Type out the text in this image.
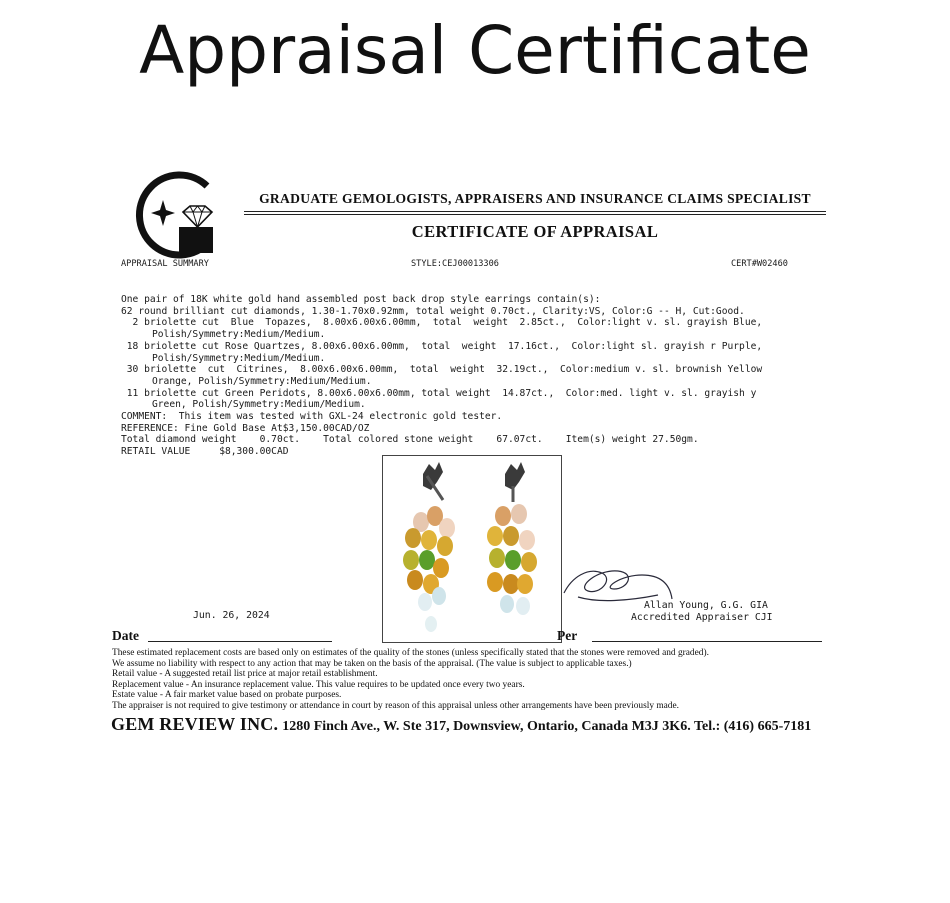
Appraisal Certificate
GRADUATE GEMOLOGISTS, APPRAISERS AND INSURANCE CLAIMS SPECIALIST
CERTIFICATE OF APPRAISAL
APPRAISAL SUMMARY	STYLE:CEJ00013306	CERT#W02460
One pair of 18K white gold hand assembled post back drop style earrings contain(s):
62 round brilliant cut diamonds, 1.30-1.70x0.92mm, total weight 0.70ct., Clarity:VS, Color:G -- H, Cut:Good.
2 briolette cut  Blue  Topazes,  8.00x6.00x6.00mm,  total  weight  2.85ct.,  Color:light v. sl. grayish Blue,
Polish/Symmetry:Medium/Medium.
18 briolette cut Rose Quartzes, 8.00x6.00x6.00mm,  total  weight  17.16ct.,  Color:light sl. grayish r Purple,
Polish/Symmetry:Medium/Medium.
30 briolette  cut  Citrines,  8.00x6.00x6.00mm,  total  weight  32.19ct.,  Color:medium v. sl. brownish Yellow
Orange, Polish/Symmetry:Medium/Medium.
11 briolette cut Green Peridots, 8.00x6.00x6.00mm, total weight  14.87ct.,  Color:med. light v. sl. grayish y
Green, Polish/Symmetry:Medium/Medium.
COMMENT:  This item was tested with GXL-24 electronic gold tester.
REFERENCE: Fine Gold Base At$3,150.00CAD/OZ
Total diamond weight    0.70ct.    Total colored stone weight    67.07ct.    Item(s) weight 27.50gm.
RETAIL VALUE	$8,300.00CAD
Jun. 26, 2024
Allan Young, G.G. GIA
Accredited Appraiser CJI
Date	Per
These estimated replacement costs are based only on estimates of the quality of the stones (unless specifically stated that the stones were removed and graded).
We assume no liability with respect to any action that may be taken on the basis of the appraisal. (The value is subject to applicable taxes.)
Retail value - A suggested retail list price at major retail establishment.
Replacement value - An insurance replacement value. This value requires to be updated once every two years.
Estate value - A fair market value based on probate purposes.
The appraiser is not required to give testimony or attendance in court by reason of this appraisal unless other arrangements have been previously made.
GEM REVIEW INC. 1280 Finch Ave., W. Ste 317, Downsview, Ontario, Canada M3J 3K6. Tel.: (416) 665-7181
